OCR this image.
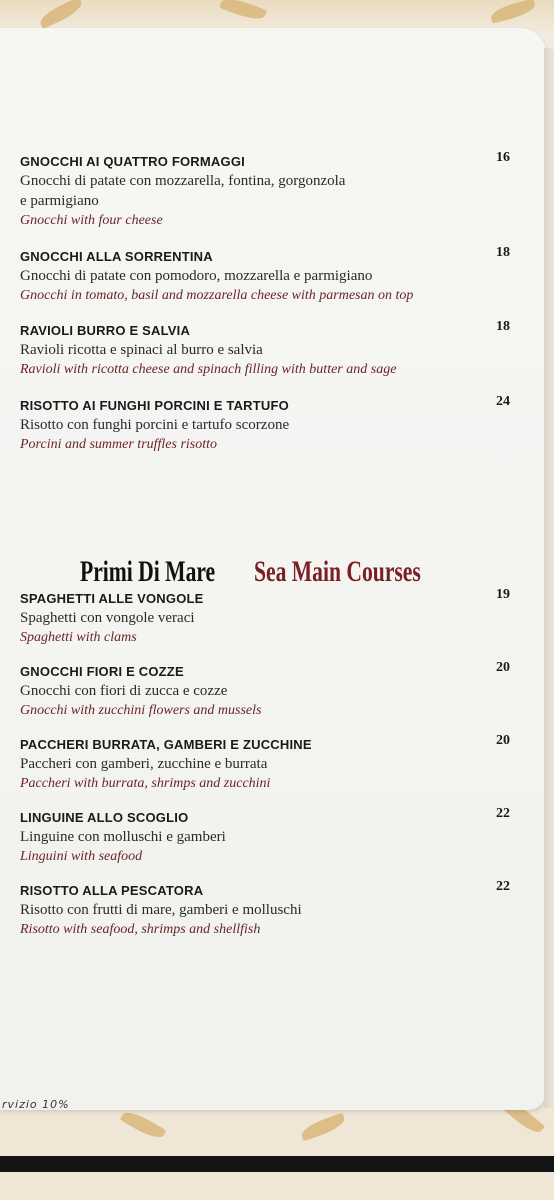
GNOCCHI AI QUATTRO FORMAGGI	16
Gnocchi di patate con mozzarella, fontina, gorgonzola e parmigiano
Gnocchi with four cheese
GNOCCHI ALLA SORRENTINA	18
Gnocchi di patate con pomodoro, mozzarella e parmigiano
Gnocchi in tomato, basil and mozzarella cheese with parmesan on top
RAVIOLI BURRO E SALVIA	18
Ravioli ricotta e spinaci al burro e salvia
Ravioli with ricotta cheese and spinach filling with butter and sage
RISOTTO AI FUNGHI PORCINI E TARTUFO	24
Risotto con funghi porcini e tartufo scorzone
Porcini and summer truffles risotto
Primi Di Mare Sea Main Courses
SPAGHETTI ALLE VONGOLE	19
Spaghetti con vongole veraci
Spaghetti with clams
GNOCCHI FIORI E COZZE	20
Gnocchi con fiori di zucca e cozze
Gnocchi with zucchini flowers and mussels
PACCHERI BURRATA, GAMBERI E ZUCCHINE	20
Paccheri con gamberi, zucchine e burrata
Paccheri with burrata, shrimps and zucchini
LINGUINE ALLO SCOGLIO	22
Linguine con molluschi e gamberi
Linguini with seafood
RISOTTO ALLA PESCATORA	22
Risotto con frutti di mare, gamberi e molluschi
Risotto with seafood, shrimps and shellfish
rvizio 10%
